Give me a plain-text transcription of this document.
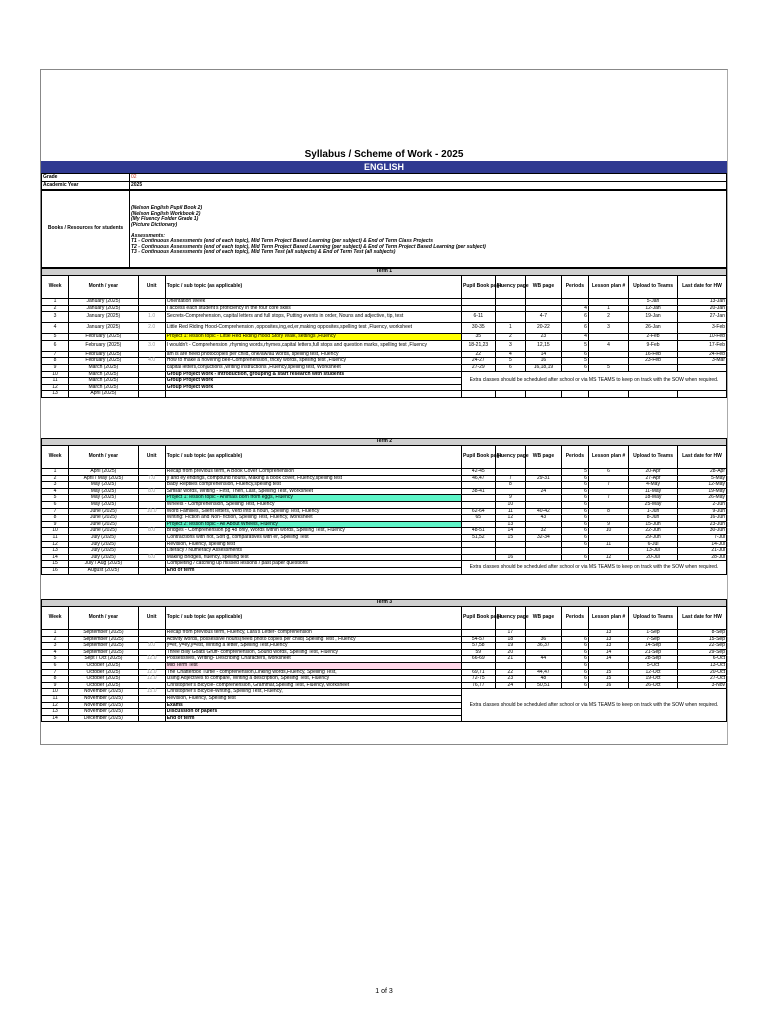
Syllabus / Scheme of Work - 2025
ENGLISH
Grade	02
Academic Year	2025
Books / Resources for students	
(Nelson English Pupil Book 2)
(Nelson English Workbook 2)
(My Fluency Folder Grade 1)
(Picture Dictionary)
Assessments:
T1 - Continuous Assessments (end of each topic), Mid Term Project Based Learning (per subject) & End of Term Class Projects
T2 - Continuous Assessments (end of each topic), Mid Term Project Based Learning (per subject) & End of Term Project Based Learning (per subject)
T3 - Continuous Assessments (end of each topic), Mid Term Test (all subjects) & End of Term Test (all subjects)
Term 1										
Week	Month / year	Unit	Topic / sub topic (as applicable)	Pupil Book page	Fluency page	WB page	Periods	Lesson plan #	Upload to Teams	Last date for HW
1	January (2025)		Orientation Week						5-Jan	13-Jan
2	January (2025)		I access each student's proficiency in the four core skills				4	1	12-Jan	20-Jan
3	January (2025)	1.0	Secrets-Comprehension, capital letters and full stops, Putting events in order, Nouns and adjective, tip, test	6-11		4-7	6	2	19-Jan	27-Jan
4	January (2025)	2.0	Little Red Riding Hood-Comprehension ,opposites,ing,ed,er,making opposites,spelling test ,Fluency, worksheet	30-35	1	20-22	6	3	26-Jan	3-Feb
5	February (2025)		Project 1: lesson topic - Little Red Riding Hood Story Walk, settings ,Fluency	35	2	23	4		2-Feb	10-Feb
6	February (2025)	3.0	I wouldn't - Comprehension ,rhyming words,rhymes,capital letters,full stops and question marks, spelling test ,Fluency	18-21,23	3	12,15	5	4	9-Feb	17-Feb
7	February (2025)		am is are need photocopies per child, one/aw/au words, spelling test, Fluency	22	4	14	6		16-Feb	24-Feb
8	February (2025)	4.0	How to make a hovering bee-Comprehension, tricky words, spelling test ,Fluency	24-27	5	16	5		23-Feb	3-Mar
9	March (2025)		capital letters,conjuctions ,writing instructions ,Fluency,spelling test, Worksheet	27-29	6	16,18,19	6	5		
10	March (2025)		Group Project work - Introduction, grouping & start research with students	Extra classes should be scheduled after school or via MS TEAMS to keep on track with the SOW when required.						
11	March (2025)		Group Project work							
12	March (2025)		Group Project work							
13	April (2025)									
Term 2										
Week	Month / year	Unit	Topic / sub topic (as applicable)	Pupil Book page	Fluency page	WB page	Periods	Lesson plan #	Upload to Teams	Last date for HW
1	April (2025)		Recap from previous term, A Book Cover Comprehension	42-45			5	6	20-Apr	28-Apr
2	April / May (2025)	7.0	y and ey endings, compound nouns, Making a book cover, Fluency,spelling test	46,47	7	29-31	6		27-Apr	5-May
3	May (2025)		Baby Reptiles comprehension, Fluency,spelling test		8		6	7	4-May	12-May
4	May (2025)	8.0	Similar words, Writing - First, Then, Last, Spelling Test, Worksheet	38-41		24	6		11-May	19-May
5	May (2025)		Project 1: lesson topic - Animals born from eggs, Fluency		9		6	7	18-May	26-May
6	May (2025)		Wheels - Comprehension, Spelling Test, Fluency		10		6		25-May	2-Jun
7	June (2025)	10.0	Word Families, Silent letters, Verb into a noun, Spelling Test, Fluency	62-64	11	40-42	6	8	1-Jun	9-Jun
8	June (2025)		Writing: Fiction and Non- fiction, Spelling Test, Fluency, worksheet	65	12	43	6		8-Jun	16-Jun
9	June (2025)		Project 2: lesson topic - All About Wheels, Fluency		13		6	9	15-Jun	23-Jun
10	June (2025)	8.0	Bridges - Comprehension pg 48 only, Words within words, Spelling Test, Fluency	48-51	14	32	6	10	22-Jun	30-Jun
11	July (2025)		Contractions with not, Soft g, comparatives with er, Spelling Test	51,52	15	32-34	6		29-Jun	7-Jul
12	July (2025)		Revision, Fluency, spelling test				6	11	6-Jul	14-Jul
13	July (2025)		Literacy / Numeracy Assessments						13-Jul	21-Jul
14	July (2025)	6.0	Making Bridges, fluency, spelling test		16		6	12	20-Jul	28-Jul
15	July / Aug (2025)		Completing / catching up missed lessons / past paper questions	Extra classes should be scheduled after school or via MS TEAMS to keep on track with the SOW when required.						
16	August (2025)		End of term							
Term 3										
Week	Month / year	Unit	Topic / sub topic (as applicable)	Pupil Book page	Fluency page	WB page	Periods	Lesson plan #	Upload to Teams	Last date for HW
1	September (2025)		Recap from previous term, Fluency, Lara's Letter- comprehension		17			13	1-Sep	8-Sep
2	September (2025)		Activity words, possessive nouns(need photo copies per child) Spelling Test , Fluency	54-57	18	36	6	13	7-Sep	15-Sep
3	September (2025)	9.0	y=er, y=ey,y=est, Writing a letter, Spelling Test,Fluency	57,58	19	36,37	6	13	14-Sep	22-Sep
4	September (2025)		Three Billy Goats Gruff- comprehension, Sound words, Spelling Test, Fluency	59	20		6	14	21-Sep	29-Sep
5	Sept / Oct (2025)	12.0	Possessives, Writing- Describing Characters, worksheet	66-69	21	44	6	14	28-Sep	6-Oct
6	October (2025)		Mid Term Test				6		5-Oct	13-Oct
7	October (2025)	12.0	The Chatterbox Turtle - comprehension,Linking words,Fluency, Spelling Test,	69,71	22	44,47	6	15	12-Oct	20-Oct
8	October (2025)	12.0	Using Adjectives to compare, Writing a description, Spelling Test, Fluency	72-75	23	48	6	15	19-Oct	27-Oct
9	October (2025)		Christopher's Bicycle- comprehension, Grammar,Spelling Test, Fluency, worksheet	76,77	24	50,51	6	16	26-Oct	3-Nov
10	November (2025)	15.0	Christopher's Bicycle-Writing, Spelling Test, Fluency,	Extra classes should be scheduled after school or via MS TEAMS to keep on track with the SOW when required.						
11	November (2025)		Revision, Fluency, Spelling test							
12	November (2025)		Exams							
13	November (2025)		Discussion of papers							
14	December (2025)		End of term							
1 of 3
